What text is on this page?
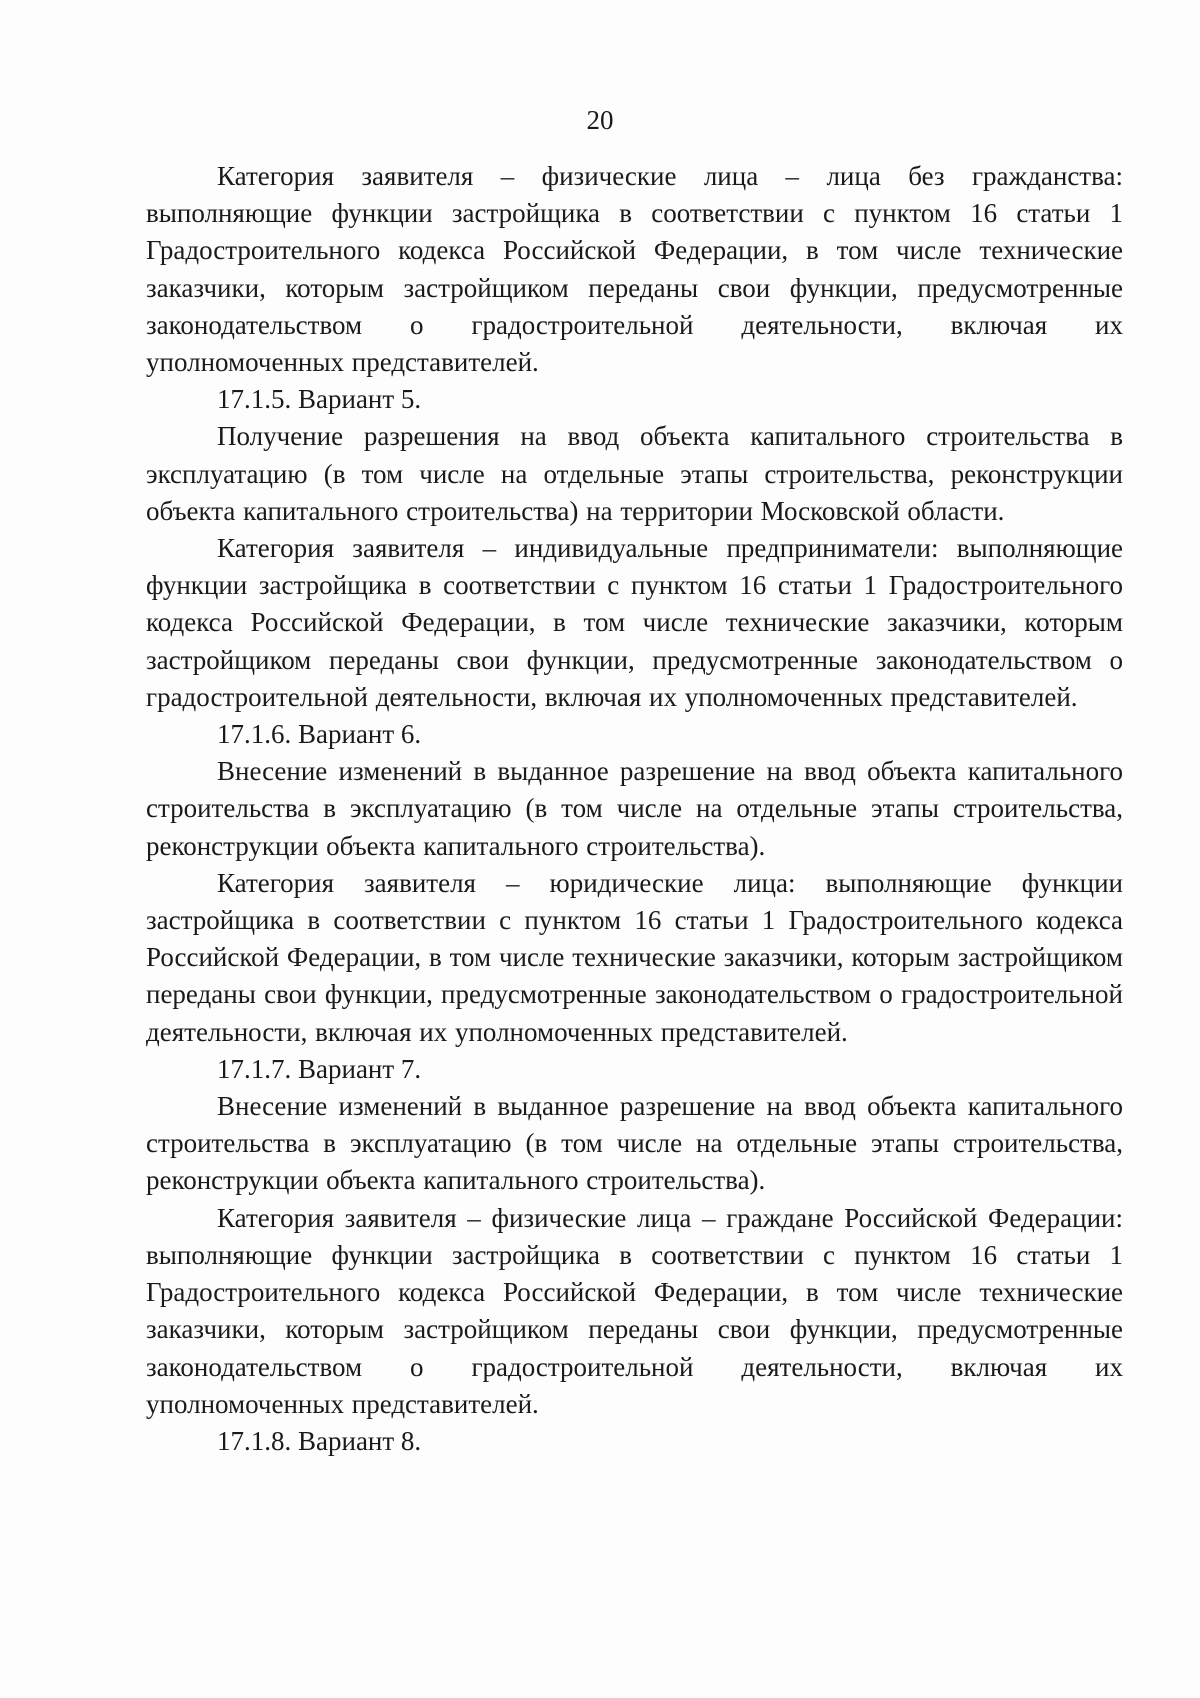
20

Категория заявителя – физические лица – лица без гражданства: выполняющие функции застройщика в соответствии с пунктом 16 статьи 1 Градостроительного кодекса Российской Федерации, в том числе технические заказчики, которым застройщиком переданы свои функции, предусмотренные законодательством о градостроительной деятельности, включая их уполномоченных представителей.

17.1.5. Вариант 5.

Получение разрешения на ввод объекта капитального строительства в эксплуатацию (в том числе на отдельные этапы строительства, реконструкции объекта капитального строительства) на территории Московской области.

Категория заявителя – индивидуальные предприниматели: выполняющие функции застройщика в соответствии с пунктом 16 статьи 1 Градостроительного кодекса Российской Федерации, в том числе технические заказчики, которым застройщиком переданы свои функции, предусмотренные законодательством о градостроительной деятельности, включая их уполномоченных представителей.

17.1.6. Вариант 6.

Внесение изменений в выданное разрешение на ввод объекта капитального строительства в эксплуатацию (в том числе на отдельные этапы строительства, реконструкции объекта капитального строительства).

Категория заявителя – юридические лица: выполняющие функции застройщика в соответствии с пунктом 16 статьи 1 Градостроительного кодекса Российской Федерации, в том числе технические заказчики, которым застройщиком переданы свои функции, предусмотренные законодательством о градостроительной деятельности, включая их уполномоченных представителей.

17.1.7. Вариант 7.

Внесение изменений в выданное разрешение на ввод объекта капитального строительства в эксплуатацию (в том числе на отдельные этапы строительства, реконструкции объекта капитального строительства).

Категория заявителя – физические лица – граждане Российской Федерации: выполняющие функции застройщика в соответствии с пунктом 16 статьи 1 Градостроительного кодекса Российской Федерации, в том числе технические заказчики, которым застройщиком переданы свои функции, предусмотренные законодательством о градостроительной деятельности, включая их уполномоченных представителей.

17.1.8. Вариант 8.
